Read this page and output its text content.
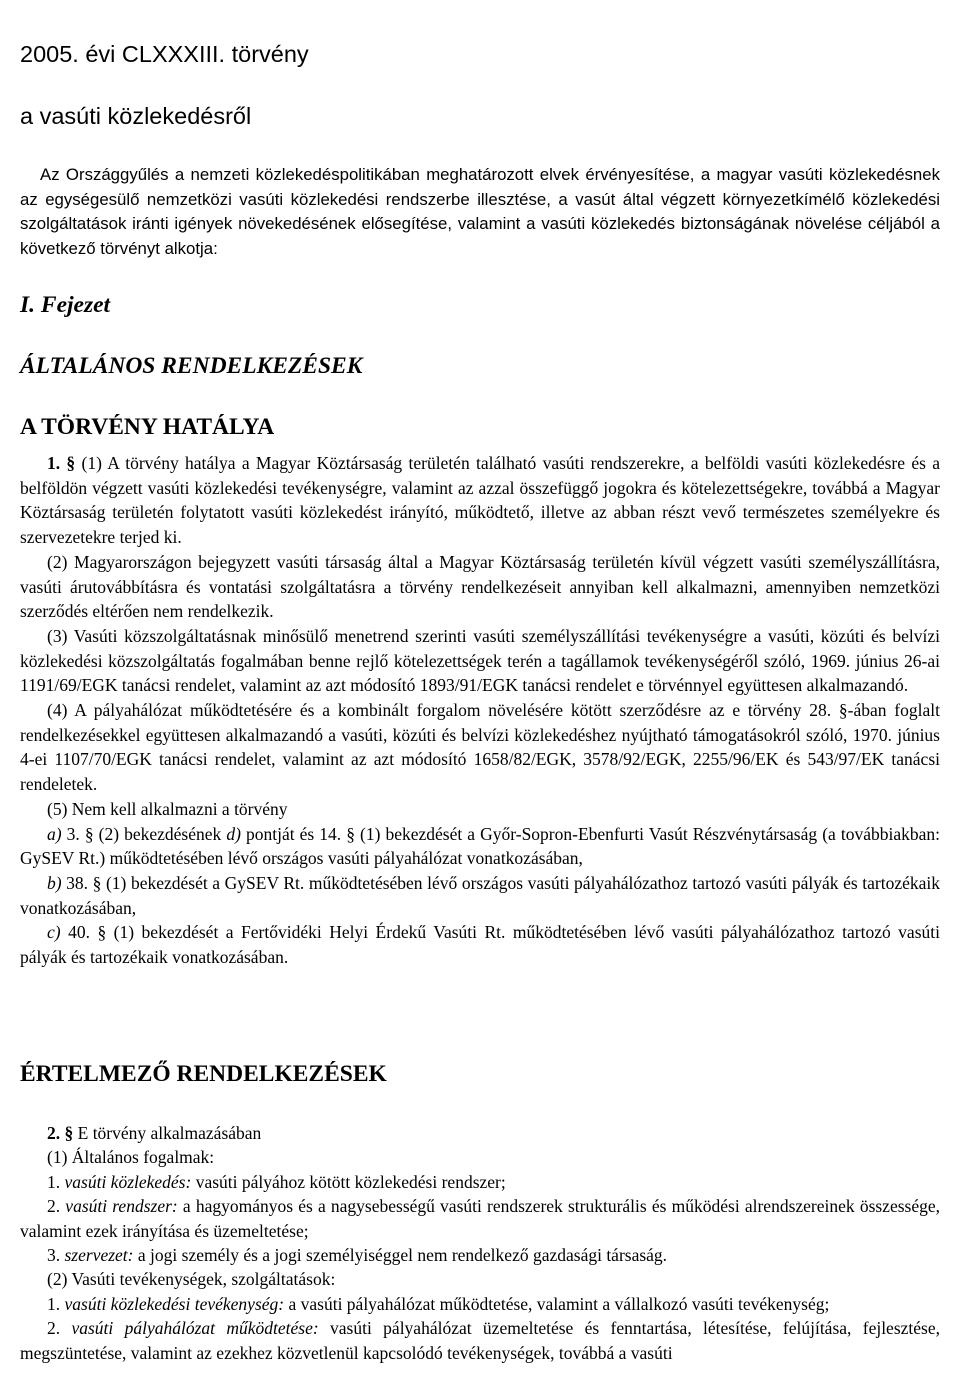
2005. évi CLXXXIII. törvény
a vasúti közlekedésről

Az Országgyűlés a nemzeti közlekedéspolitikában meghatározott elvek érvényesítése, a magyar vasúti közlekedésnek az egységesülő nemzetközi vasúti közlekedési rendszerbe illesztése, a vasút által végzett környezetkímélő közlekedési szolgáltatások iránti igények növekedésének elősegítése, valamint a vasúti közlekedés biztonságának növelése céljából a következő törvényt alkotja:

I. Fejezet
ÁLTALÁNOS RENDELKEZÉSEK
A TÖRVÉNY HATÁLYA

1. § (1) A törvény hatálya a Magyar Köztársaság területén található vasúti rendszerekre, a belföldi vasúti közlekedésre és a belföldön végzett vasúti közlekedési tevékenységre, valamint az azzal összefüggő jogokra és kötelezettségekre, továbbá a Magyar Köztársaság területén folytatott vasúti közlekedést irányító, működtető, illetve az abban részt vevő természetes személyekre és szervezetekre terjed ki.

(2) Magyarországon bejegyzett vasúti társaság által a Magyar Köztársaság területén kívül végzett vasúti személyszállításra, vasúti árutovábbításra és vontatási szolgáltatásra a törvény rendelkezéseit annyiban kell alkalmazni, amennyiben nemzetközi szerződés eltérően nem rendelkezik.

(3) Vasúti közszolgáltatásnak minősülő menetrend szerinti vasúti személyszállítási tevékenységre a vasúti, közúti és belvízi közlekedési közszolgáltatás fogalmában benne rejlő kötelezettségek terén a tagállamok tevékenységéről szóló, 1969. június 26-ai 1191/69/EGK tanácsi rendelet, valamint az azt módosító 1893/91/EGK tanácsi rendelet e törvénnyel együttesen alkalmazandó.

(4) A pályahálózat működtetésére és a kombinált forgalom növelésére kötött szerződésre az e törvény 28. §-ában foglalt rendelkezésekkel együttesen alkalmazandó a vasúti, közúti és belvízi közlekedéshez nyújtható támogatásokról szóló, 1970. június 4-ei 1107/70/EGK tanácsi rendelet, valamint az azt módosító 1658/82/EGK, 3578/92/EGK, 2255/96/EK és 543/97/EK tanácsi rendeletek.

(5) Nem kell alkalmazni a törvény

a) 3. § (2) bekezdésének d) pontját és 14. § (1) bekezdését a Győr-Sopron-Ebenfurti Vasút Részvénytársaság (a továbbiakban: GySEV Rt.) működtetésében lévő országos vasúti pályahálózat vonatkozásában,

b) 38. § (1) bekezdését a GySEV Rt. működtetésében lévő országos vasúti pályahálózathoz tartozó vasúti pályák és tartozékaik vonatkozásában,

c) 40. § (1) bekezdését a Fertővidéki Helyi Érdekű Vasúti Rt. működtetésében lévő vasúti pályahálózathoz tartozó vasúti pályák és tartozékaik vonatkozásában.

ÉRTELMEZŐ RENDELKEZÉSEK

2. § E törvény alkalmazásában

(1) Általános fogalmak:

1. vasúti közlekedés: vasúti pályához kötött közlekedési rendszer;

2. vasúti rendszer: a hagyományos és a nagysebességű vasúti rendszerek strukturális és működési alrendszereinek összessége, valamint ezek irányítása és üzemeltetése;

3. szervezet: a jogi személy és a jogi személyiséggel nem rendelkező gazdasági társaság.

(2) Vasúti tevékenységek, szolgáltatások:

1. vasúti közlekedési tevékenység: a vasúti pályahálózat működtetése, valamint a vállalkozó vasúti tevékenység;

2. vasúti pályahálózat működtetése: vasúti pályahálózat üzemeltetése és fenntartása, létesítése, felújítása, fejlesztése, megszüntetése, valamint az ezekhez közvetlenül kapcsolódó tevékenységek, továbbá a vasúti
